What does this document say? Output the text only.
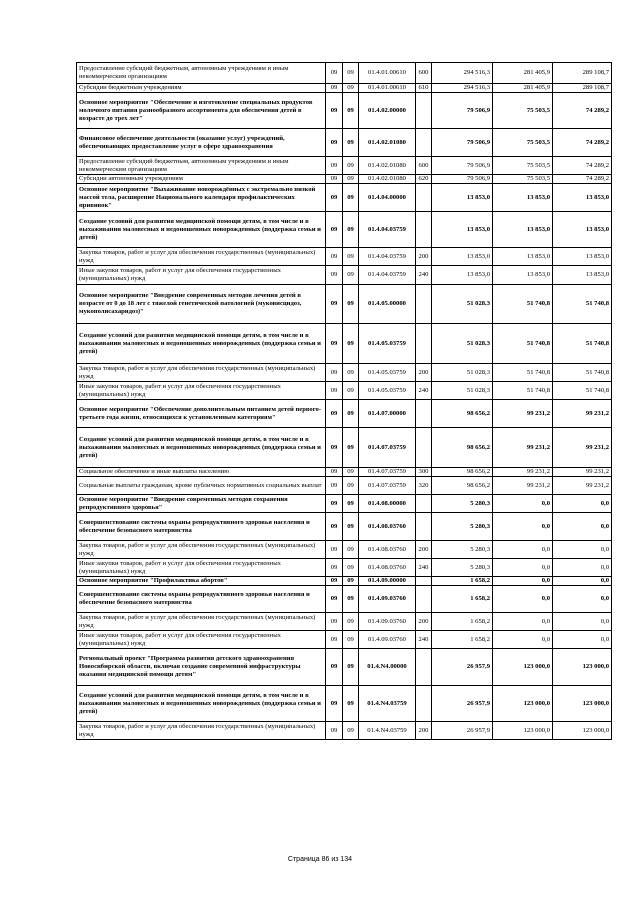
Предоставление субсидий бюджетным, автономным учреждениям и иным некоммерческим организациям	09	09	01.4.01.00610	600	294 516,3	281 405,9	289 108,7
Субсидии бюджетным учреждениям	09	09	01.4.01.00610	610	294 516,3	281 405,9	289 108,7
Основное мероприятие "Обеспечение и изготовление специальных продуктов молочного питания разнообразного ассортимента для обеспечения детей в возрасте до трех лет"	09	09	01.4.02.00000		79 506,9	75 503,5	74 289,2
Финансовое обеспечение деятельности (оказание услуг) учреждений, обеспечивающих предоставление услуг в сфере здравоохранения	09	09	01.4.02.01080		79 506,9	75 503,5	74 289,2
Предоставление субсидий бюджетным, автономным учреждениям и иным некоммерческим организациям	09	09	01.4.02.01080	600	79 506,9	75 503,5	74 289,2
Субсидии автономным учреждениям	09	09	01.4.02.01080	620	79 506,9	75 503,5	74 289,2
Основное мероприятие "Выхаживание новорождённых с экстремально низкой массой тела, расширение Национального календаря профилактических прививок"	09	09	01.4.04.00000		13 853,0	13 853,0	13 853,0
Создание условий для развития медицинской помощи детям, в том числе и в выхаживании маловесных и недоношенных новорожденных (поддержка семьи и детей)	09	09	01.4.04.03759		13 853,0	13 853,0	13 853,0
Закупка товаров, работ и услуг для обеспечения государственных (муниципальных) нужд	09	09	01.4.04.03759	200	13 853,0	13 853,0	13 853,0
Иные закупки товаров, работ и услуг для обеспечения государственных (муниципальных) нужд	09	09	01.4.04.03759	240	13 853,0	13 853,0	13 853,0
Основное мероприятие "Внедрение современных методов лечения детей в возрасте от 0 до 18 лет с тяжелой генетической патологией (муковисцидоз, мукополисахаридоз)"	09	09	01.4.05.00000		51 028,3	51 740,8	51 740,8
Создание условий для развития медицинской помощи детям, в том числе и в выхаживании маловесных и недоношенных новорожденных (поддержка семьи и детей)	09	09	01.4.05.03759		51 028,3	51 740,8	51 740,8
Закупка товаров, работ и услуг для обеспечения государственных (муниципальных) нужд	09	09	01.4.05.03759	200	51 028,3	51 740,8	51 740,8
Иные закупки товаров, работ и услуг для обеспечения государственных (муниципальных) нужд	09	09	01.4.05.03759	240	51 028,3	51 740,8	51 740,8
Основное мероприятие "Обеспечение дополнительным питанием детей первого-третьего года жизни, относящихся к установленным категориям"	09	09	01.4.07.00000		98 656,2	99 231,2	99 231,2
Создание условий для развития медицинской помощи детям, в том числе и в выхаживании маловесных и недоношенных новорожденных (поддержка семьи и детей)	09	09	01.4.07.03759		98 656,2	99 231,2	99 231,2
Социальное обеспечение и иные выплаты населению	09	09	01.4.07.03759	300	98 656,2	99 231,2	99 231,2
Социальные выплаты гражданам, кроме публичных нормативных социальных выплат	09	09	01.4.07.03759	320	98 656,2	99 231,2	99 231,2
Основное мероприятие "Внедрение современных методов сохранения репродуктивного здоровья"	09	09	01.4.08.00000		5 280,3	0,0	0,0
Совершенствование системы охраны репродуктивного здоровья населения и обеспечение безопасного материнства	09	09	01.4.08.03760		5 280,3	0,0	0,0
Закупка товаров, работ и услуг для обеспечения государственных (муниципальных) нужд	09	09	01.4.08.03760	200	5 280,3	0,0	0,0
Иные закупки товаров, работ и услуг для обеспечения государственных (муниципальных) нужд	09	09	01.4.08.03760	240	5 280,3	0,0	0,0
Основное мероприятие "Профилактика абортов"	09	09	01.4.09.00000		1 658,2	0,0	0,0
Совершенствование системы охраны репродуктивного здоровья населения и обеспечение безопасного материнства	09	09	01.4.09.03760		1 658,2	0,0	0,0
Закупка товаров, работ и услуг для обеспечения государственных (муниципальных) нужд	09	09	01.4.09.03760	200	1 658,2	0,0	0,0
Иные закупки товаров, работ и услуг для обеспечения государственных (муниципальных) нужд	09	09	01.4.09.03760	240	1 658,2	0,0	0,0
Региональный проект "Программа развития детского здравоохранения Новосибирской области, включая создание современной инфраструктуры оказания медицинской помощи детям"	09	09	01.4.N4.00000		26 957,9	123 000,0	123 000,0
Создание условий для развития медицинской помощи детям, в том числе и в выхаживании маловесных и недоношенных новорожденных (поддержка семьи и детей)	09	09	01.4.N4.03759		26 957,9	123 000,0	123 000,0
Закупка товаров, работ и услуг для обеспечения государственных (муниципальных) нужд	09	09	01.4.N4.03759	200	26 957,9	123 000,0	123 000,0
Страница 86 из 134
